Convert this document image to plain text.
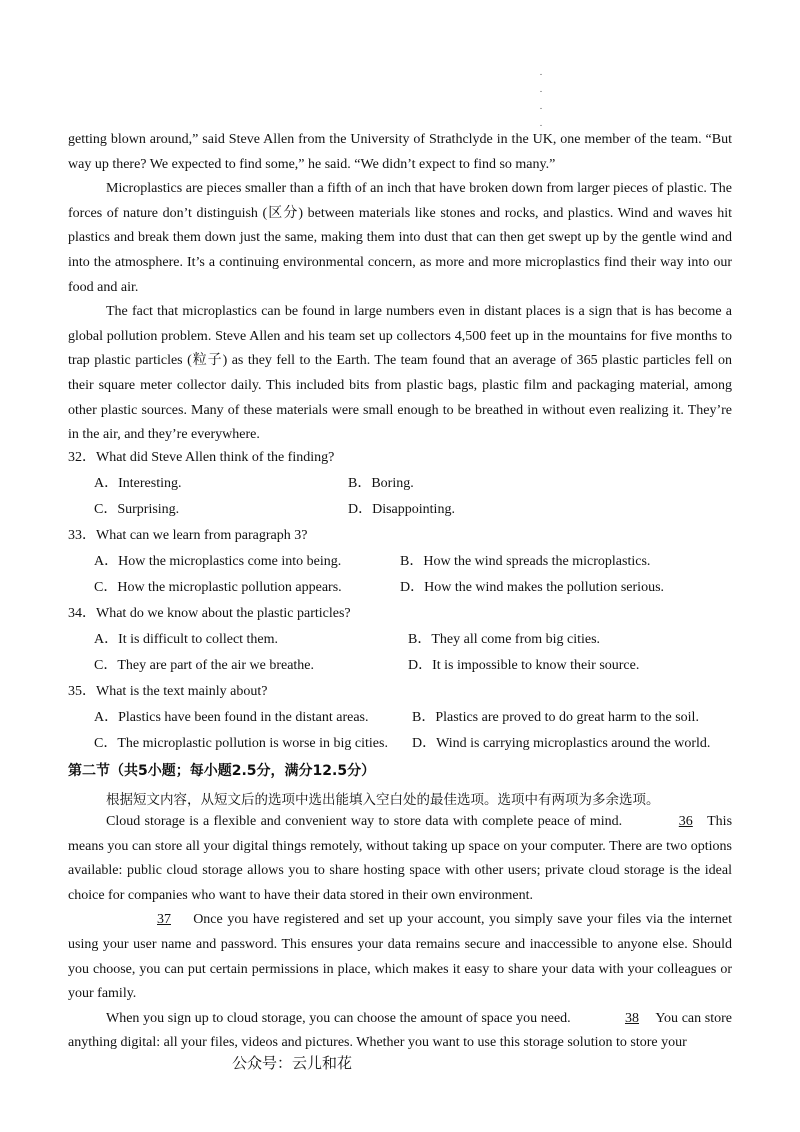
.
.
.
.

getting blown around,” said Steve Allen from the University of Strathclyde in the UK, one member of the team. “But way up there? We expected to find some,” he said. “We didn’t expect to find so many.”

Microplastics are pieces smaller than a fifth of an inch that have broken down from larger pieces of plastic. The forces of nature don’t distinguish (区分) between materials like stones and rocks, and plastics. Wind and waves hit plastics and break them down just the same, making them into dust that can then get swept up by the gentle wind and into the atmosphere. It’s a continuing environmental concern, as more and more microplastics find their way into our food and air.

The fact that microplastics can be found in large numbers even in distant places is a sign that is has become a global pollution problem. Steve Allen and his team set up collectors 4,500 feet up in the mountains for five months to trap plastic particles (粒子) as they fell to the Earth. The team found that an average of 365 plastic particles fell on their square meter collector daily. This included bits from plastic bags, plastic film and packaging material, among other plastic sources. Many of these materials were small enough to be breathed in without even realizing it. They’re in the air, and they’re everywhere.

32．What did Steve Allen think of the finding?
A．Interesting.	B．Boring.
C．Surprising.	D．Disappointing.
33．What can we learn from paragraph 3?
A．How the microplastics come into being.	B．How the wind spreads the microplastics.
C．How the microplastic pollution appears.	D．How the wind makes the pollution serious.
34．What do we know about the plastic particles?
A．It is difficult to collect them.	B．They all come from big cities.
C．They are part of the air we breathe.	D．It is impossible to know their source.
35．What is the text mainly about?
A．Plastics have been found in the distant areas.	B．Plastics are proved to do great harm to the soil.
C．The microplastic pollution is worse in big cities. D．Wind is carrying microplastics around the world.
第二节（共5小题；每小题2.5分，满分12.5分）
根据短文内容，从短文后的选项中选出能填入空白处的最佳选项。选项中有两项为多余选项。

Cloud storage is a flexible and convenient way to store data with complete peace of mind.	36 This means you can store all your digital things remotely, without taking up space on your computer. There are two options available: public cloud storage allows you to share hosting space with other users; private cloud storage is the ideal choice for companies who want to have their data stored in their own environment.

37 Once you have registered and set up your account, you simply save your files via the internet using your user name and password. This ensures your data remains secure and inaccessible to anyone else. Should you choose, you can put certain permissions in place, which makes it easy to share your data with your colleagues or your family.

When you sign up to cloud storage, you can choose the amount of space you need.	38 You can store anything digital: all your files, videos and pictures. Whether you want to use this storage solution to store your

公众号：云儿和花
